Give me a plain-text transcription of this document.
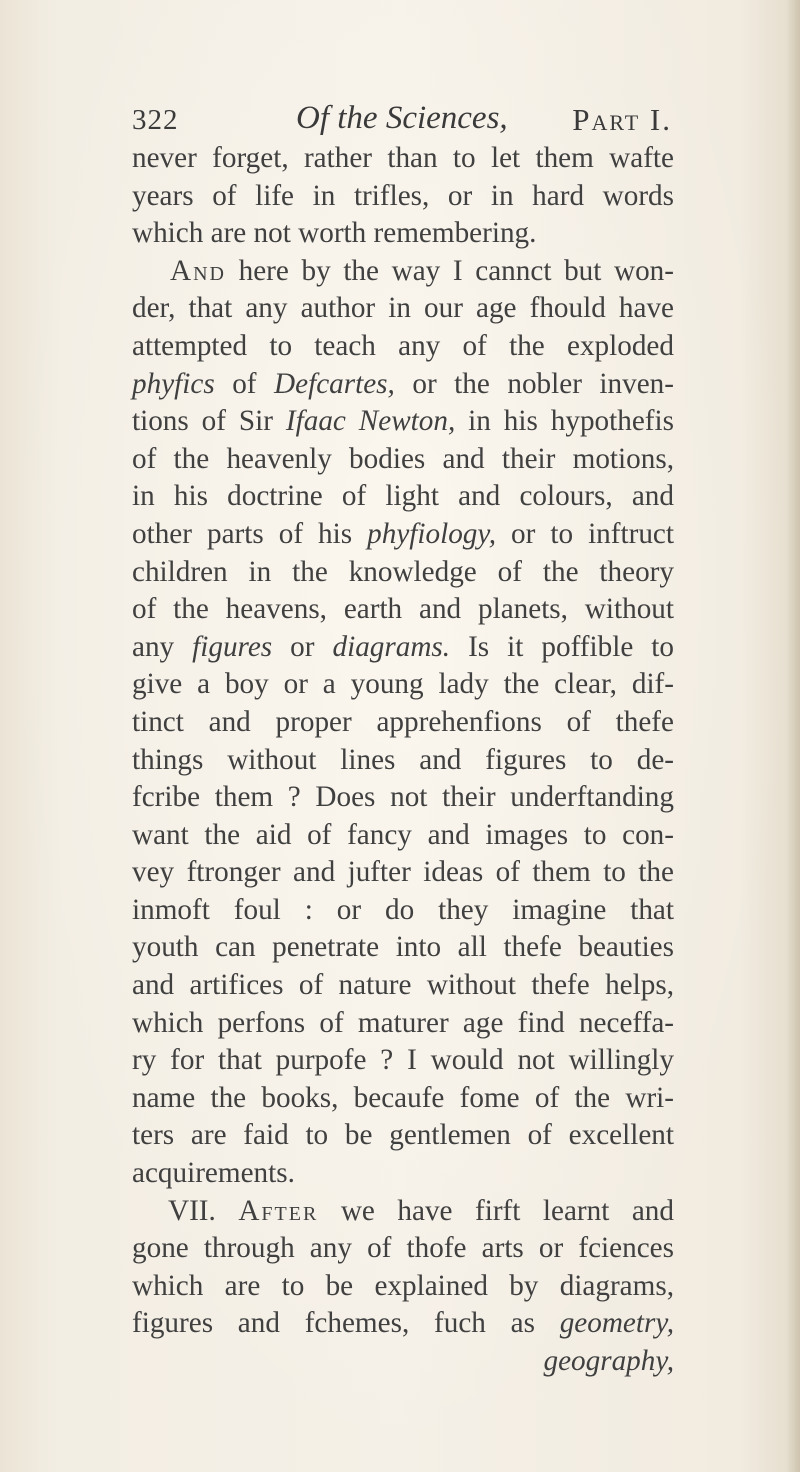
322	Of the Sciences, Part I.
never forget, rather than to let them wafte
years of life in trifles, or in hard words
which are not worth remembering.
And here by the way I cannct but won-
der, that any author in our age fhould have
attempted to teach any of the exploded
phyfics of Defcartes, or the nobler inven-
tions of Sir Ifaac Newton, in his hypothefis
of the heavenly bodies and their motions,
in his doctrine of light and colours, and
other parts of his phyfiology, or to inftruct
children in the knowledge of the theory
of the heavens, earth and planets, without
any figures or diagrams. Is it poffible to
give a boy or a young lady the clear, dif-
tinct and proper apprehenfions of thefe
things without lines and figures to de-
fcribe them ? Does not their underftanding
want the aid of fancy and images to con-
vey ftronger and jufter ideas of them to the
inmoft foul : or do they imagine that
youth can penetrate into all thefe beauties
and artifices of nature without thefe helps,
which perfons of maturer age find neceffa-
ry for that purpofe ? I would not willingly
name the books, becaufe fome of the wri-
ters are faid to be gentlemen of excellent
acquirements.
VII. After we have firft learnt and
gone through any of thofe arts or fciences
which are to be explained by diagrams,
figures and fchemes, fuch as geometry,
geography,
